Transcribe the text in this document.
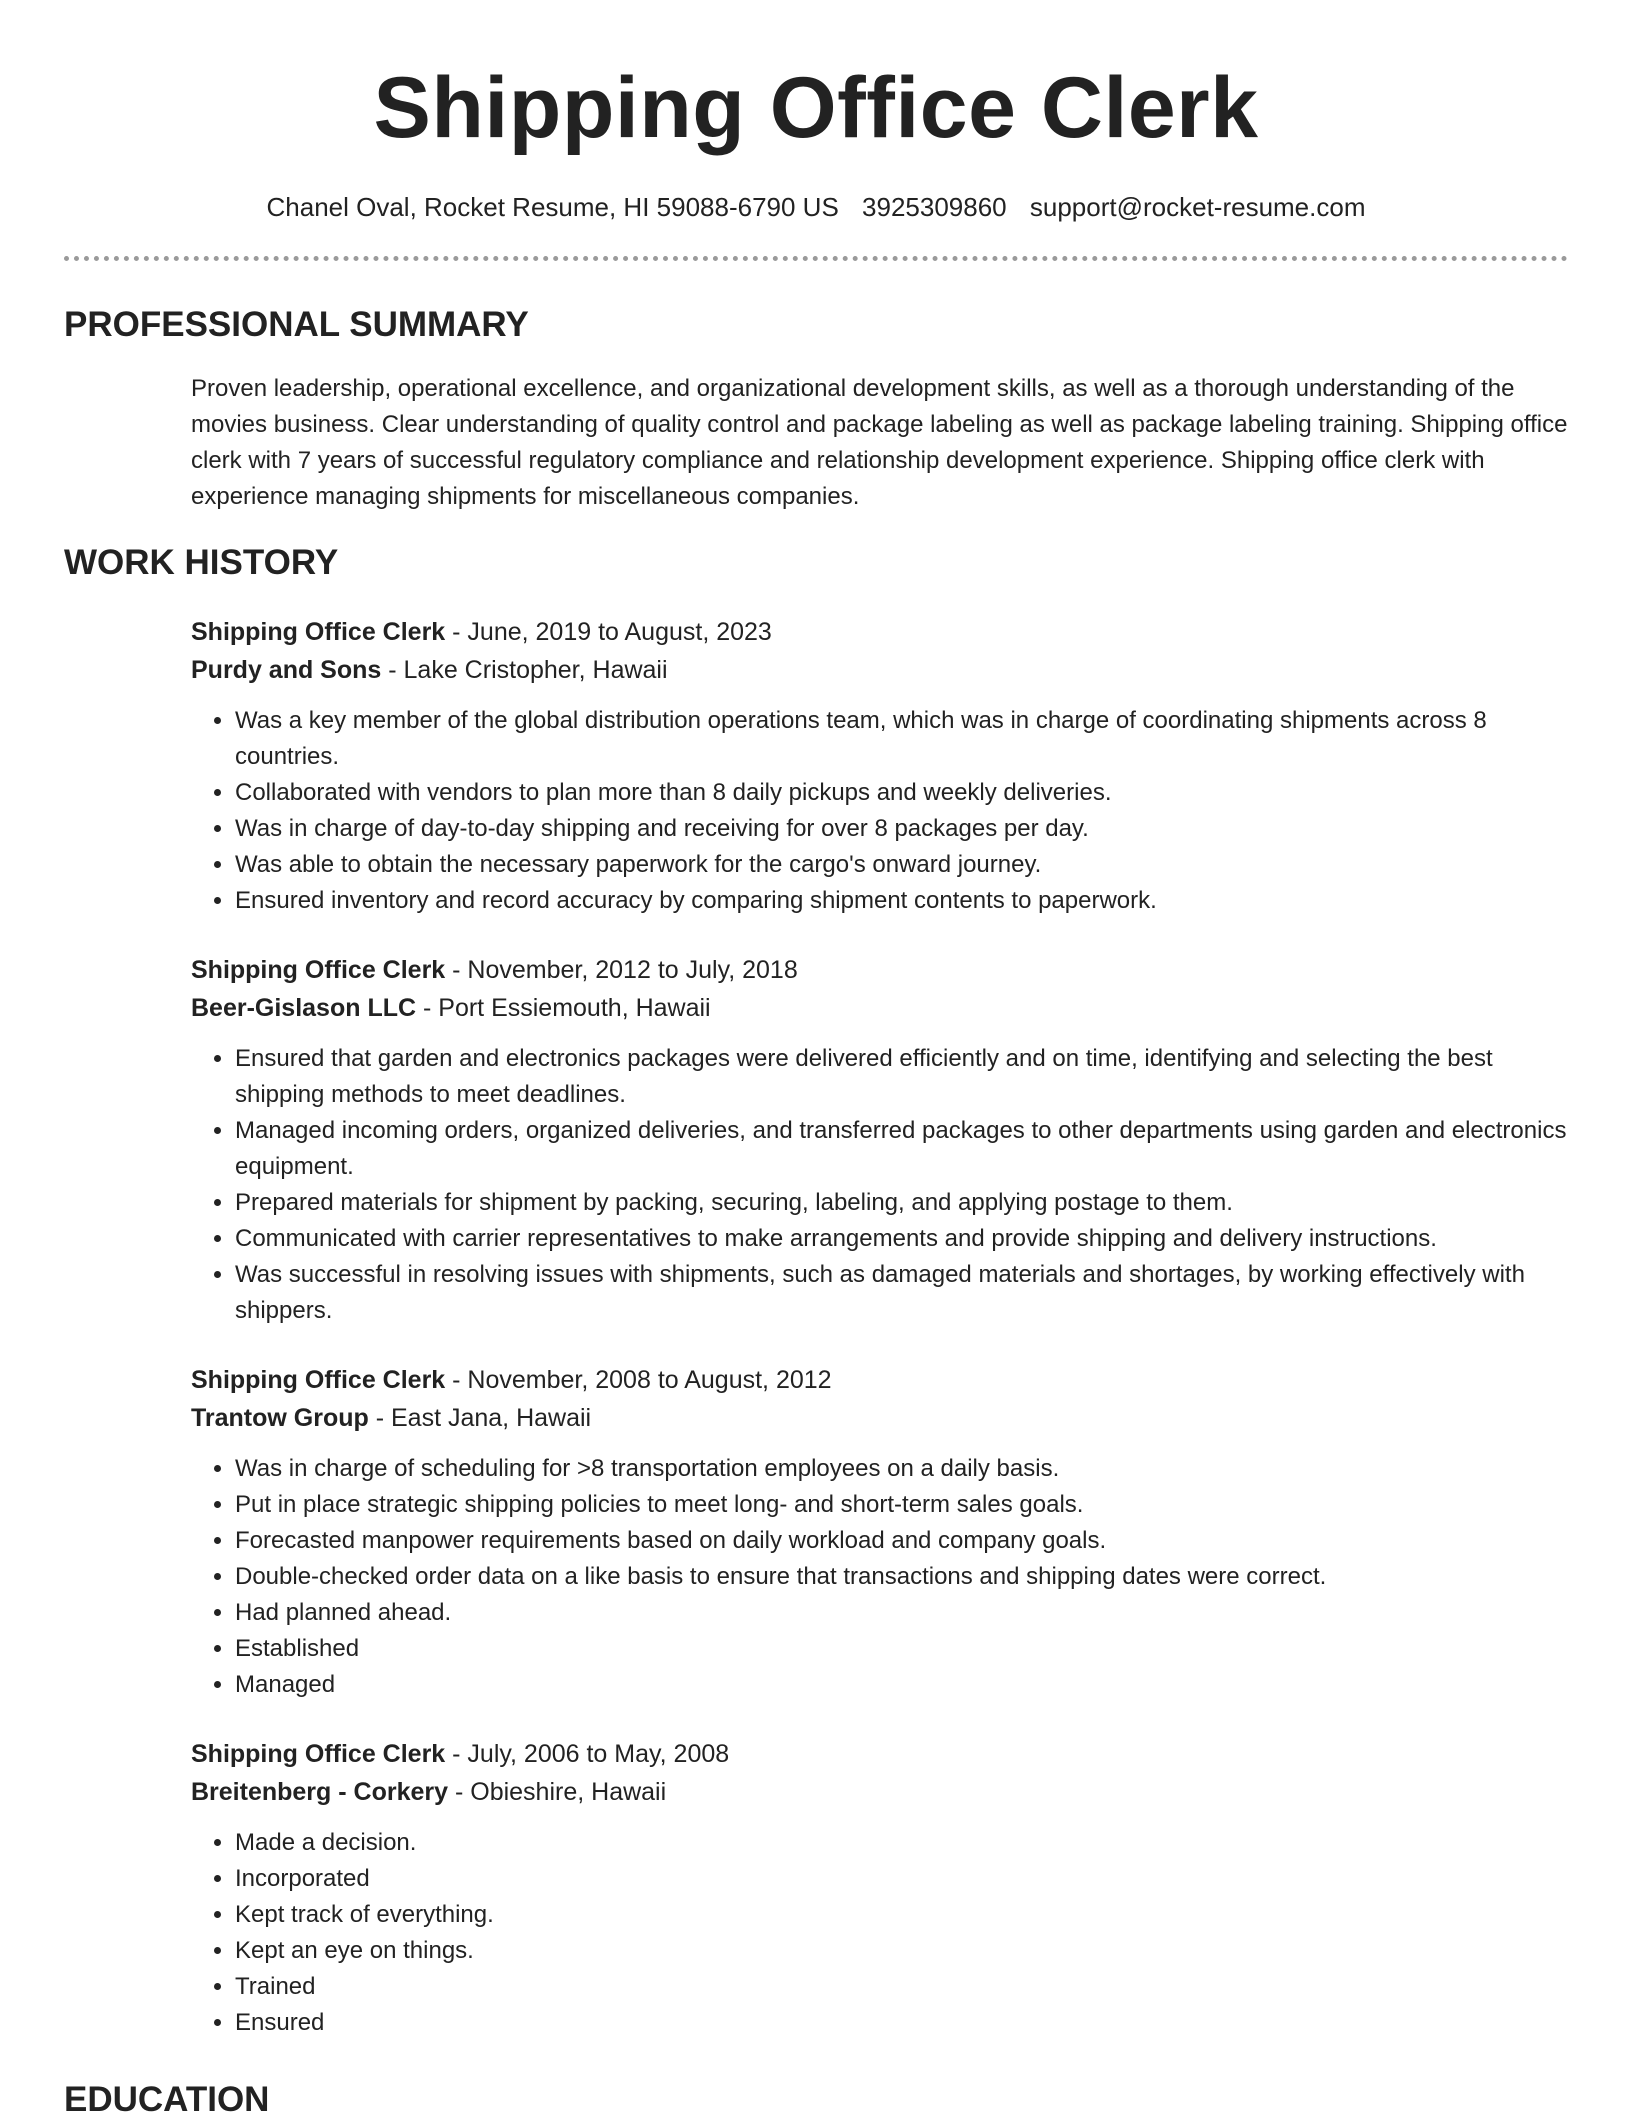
Shipping Office Clerk
Chanel Oval, Rocket Resume, HI 59088-6790 US 3925309860 support@rocket-resume.com
PROFESSIONAL SUMMARY

Proven leadership, operational excellence, and organizational development skills, as well as a thorough understanding of the movies business. Clear understanding of quality control and package labeling as well as package labeling training. Shipping office clerk with 7 years of successful regulatory compliance and relationship development experience. Shipping office clerk with experience managing shipments for miscellaneous companies.

WORK HISTORY
Shipping Office Clerk - June, 2019 to August, 2023
Purdy and Sons - Lake Cristopher, Hawaii
• Was a key member of the global distribution operations team, which was in charge of coordinating shipments across 8 countries.
• Collaborated with vendors to plan more than 8 daily pickups and weekly deliveries.
• Was in charge of day-to-day shipping and receiving for over 8 packages per day.
• Was able to obtain the necessary paperwork for the cargo's onward journey.
• Ensured inventory and record accuracy by comparing shipment contents to paperwork.
Shipping Office Clerk - November, 2012 to July, 2018
Beer-Gislason LLC - Port Essiemouth, Hawaii
• Ensured that garden and electronics packages were delivered efficiently and on time, identifying and selecting the best shipping methods to meet deadlines.
• Managed incoming orders, organized deliveries, and transferred packages to other departments using garden and electronics equipment.
• Prepared materials for shipment by packing, securing, labeling, and applying postage to them.
• Communicated with carrier representatives to make arrangements and provide shipping and delivery instructions.
• Was successful in resolving issues with shipments, such as damaged materials and shortages, by working effectively with shippers.
Shipping Office Clerk - November, 2008 to August, 2012
Trantow Group - East Jana, Hawaii
• Was in charge of scheduling for >8 transportation employees on a daily basis.
• Put in place strategic shipping policies to meet long- and short-term sales goals.
• Forecasted manpower requirements based on daily workload and company goals.
• Double-checked order data on a like basis to ensure that transactions and shipping dates were correct.
• Had planned ahead.
• Established
• Managed
Shipping Office Clerk - July, 2006 to May, 2008
Breitenberg - Corkery - Obieshire, Hawaii
• Made a decision.
• Incorporated
• Kept track of everything.
• Kept an eye on things.
• Trained
• Ensured
EDUCATION
